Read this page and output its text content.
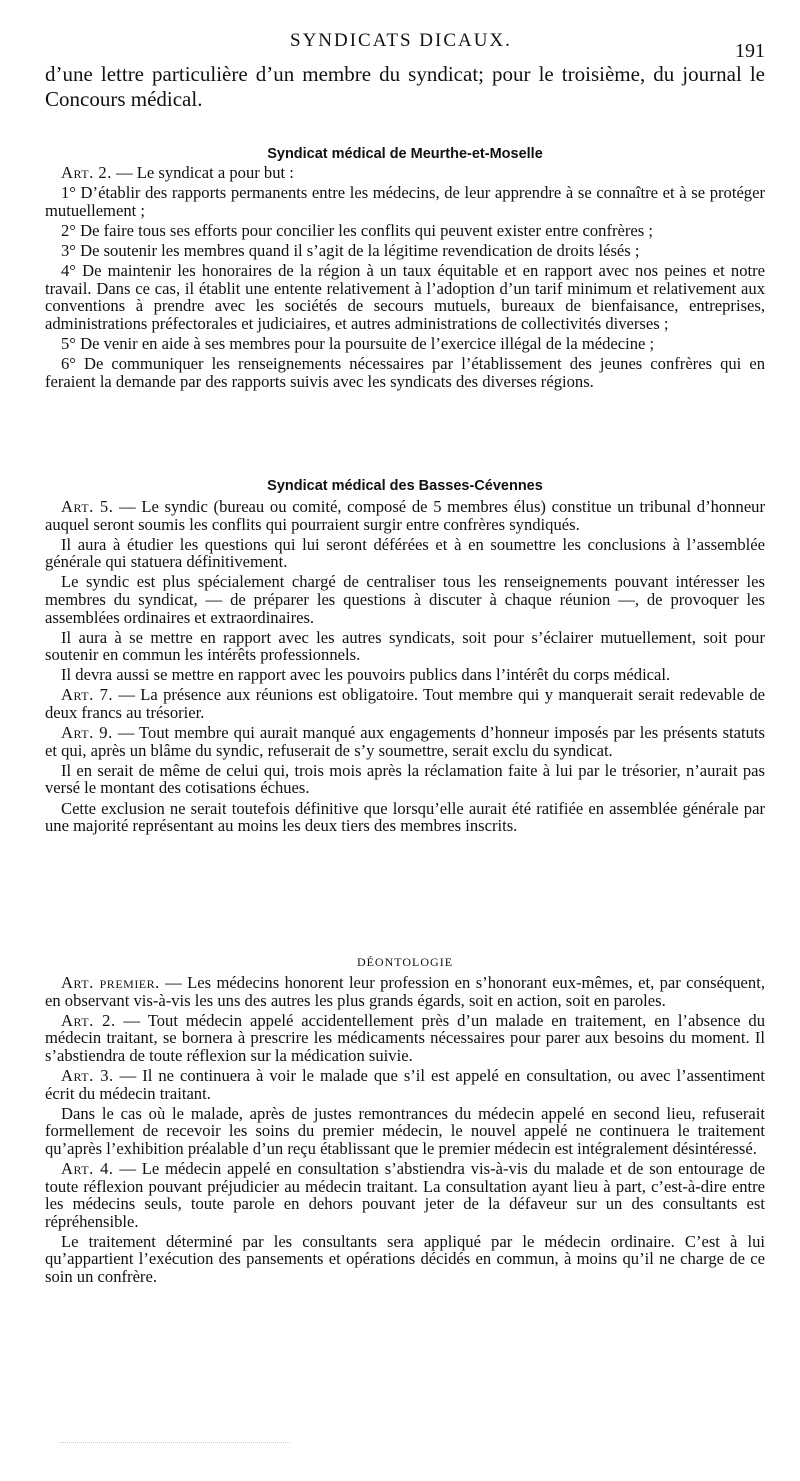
SYNDICATS DICAUX.	191
d’une lettre particulière d’un membre du syndicat; pour le troisième, du journal le Concours médical.
Syndicat médical de Meurthe-et-Moselle

Art. 2. — Le syndicat a pour but :

1° D’établir des rapports permanents entre les médecins, de leur apprendre à se connaître et à se protéger mutuellement ;

2° De faire tous ses efforts pour concilier les conflits qui peuvent exister entre confrères ;

3° De soutenir les membres quand il s’agit de la légitime revendication de droits lésés ;

4° De maintenir les honoraires de la région à un taux équitable et en rapport avec nos peines et notre travail. Dans ce cas, il établit une entente relativement à l’adoption d’un tarif minimum et relativement aux conventions à prendre avec les sociétés de secours mutuels, bureaux de bienfaisance, entreprises, administrations préfectorales et judiciaires, et autres administrations de collectivités diverses ;

5° De venir en aide à ses membres pour la poursuite de l’exercice illégal de la médecine ;

6° De communiquer les renseignements nécessaires par l’établissement des jeunes confrères qui en feraient la demande par des rapports suivis avec les syndicats des diverses régions.

Syndicat médical des Basses-Cévennes

Art. 5. — Le syndic (bureau ou comité, composé de 5 membres élus) constitue un tribunal d’honneur auquel seront soumis les conflits qui pourraient surgir entre confrères syndiqués.

Il aura à étudier les questions qui lui seront déférées et à en soumettre les conclusions à l’assemblée générale qui statuera définitivement.

Le syndic est plus spécialement chargé de centraliser tous les renseignements pouvant intéresser les membres du syndicat, — de préparer les questions à discuter à chaque réunion —, de provoquer les assemblées ordinaires et extraordinaires.

Il aura à se mettre en rapport avec les autres syndicats, soit pour s’éclairer mutuellement, soit pour soutenir en commun les intérêts professionnels.

Il devra aussi se mettre en rapport avec les pouvoirs publics dans l’intérêt du corps médical.

Art. 7. — La présence aux réunions est obligatoire. Tout membre qui y manquerait serait redevable de deux francs au trésorier.

Art. 9. — Tout membre qui aurait manqué aux engagements d’honneur imposés par les présents statuts et qui, après un blâme du syndic, refuserait de s’y soumettre, serait exclu du syndicat.

Il en serait de même de celui qui, trois mois après la réclamation faite à lui par le trésorier, n’aurait pas versé le montant des cotisations échues.

Cette exclusion ne serait toutefois définitive que lorsqu’elle aurait été ratifiée en assemblée générale par une majorité représentant au moins les deux tiers des membres inscrits.

DÉONTOLOGIE

Art. premier. — Les médecins honorent leur profession en s’honorant eux-mêmes, et, par conséquent, en observant vis-à-vis les uns des autres les plus grands égards, soit en action, soit en paroles.

Art. 2. — Tout médecin appelé accidentellement près d’un malade en traitement, en l’absence du médecin traitant, se bornera à prescrire les médicaments nécessaires pour parer aux besoins du moment. Il s’abstiendra de toute réflexion sur la médication suivie.

Art. 3. — Il ne continuera à voir le malade que s’il est appelé en consultation, ou avec l’assentiment écrit du médecin traitant.

Dans le cas où le malade, après de justes remontrances du médecin appelé en second lieu, refuserait formellement de recevoir les soins du premier médecin, le nouvel appelé ne continuera le traitement qu’après l’exhibition préalable d’un reçu établissant que le premier médecin est intégralement désintéressé.

Art. 4. — Le médecin appelé en consultation s’abstiendra vis-à-vis du malade et de son entourage de toute réflexion pouvant préjudicier au médecin traitant. La consultation ayant lieu à part, c’est-à-dire entre les médecins seuls, toute parole en dehors pouvant jeter de la défaveur sur un des consultants est répréhensible.

Le traitement déterminé par les consultants sera appliqué par le médecin ordinaire. C’est à lui qu’appartient l’exécution des pansements et opérations décidés en commun, à moins qu’il ne charge de ce soin un confrère.
